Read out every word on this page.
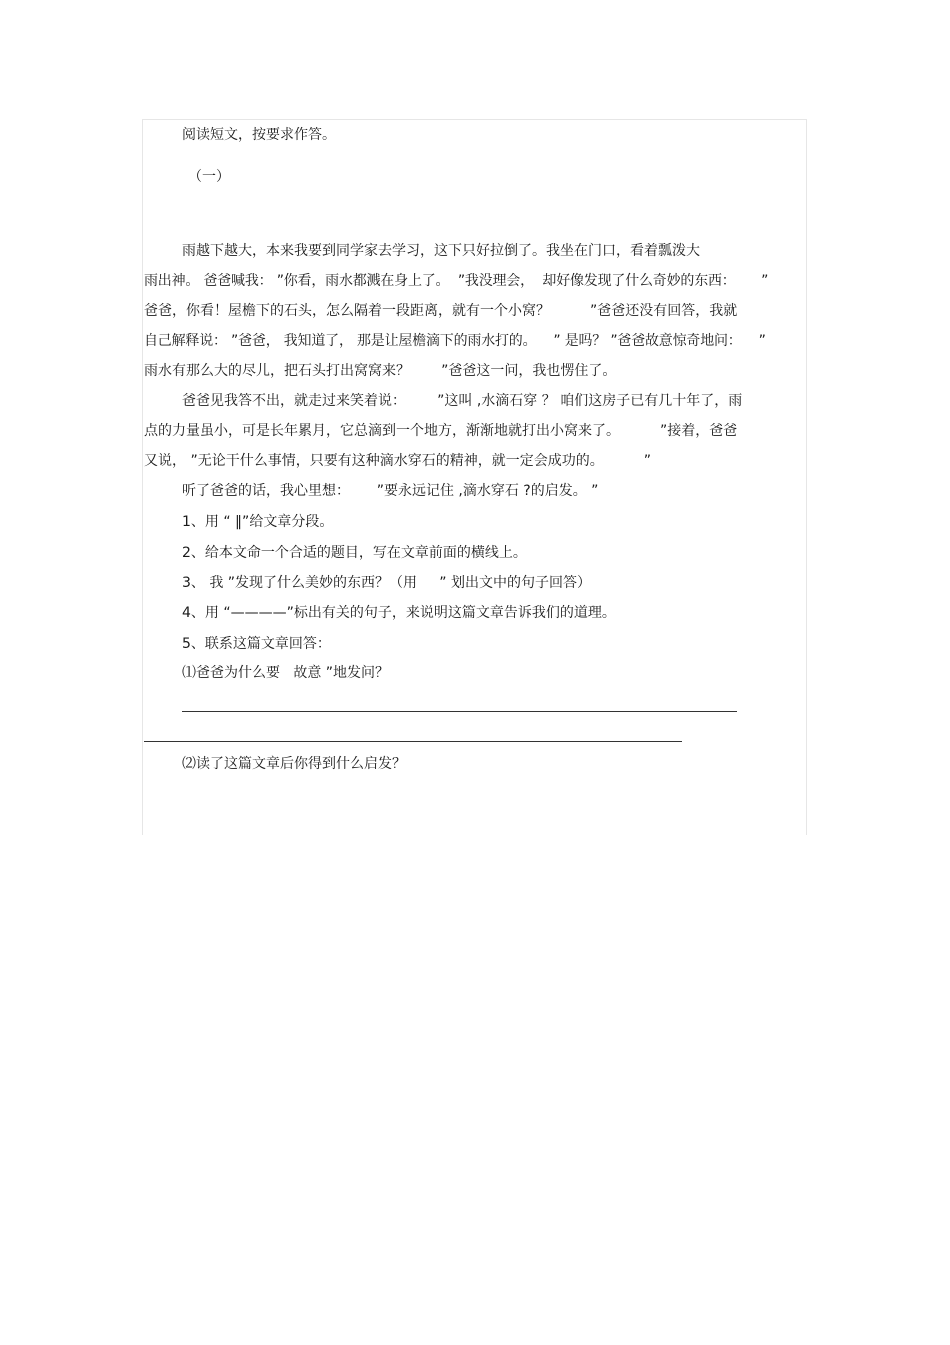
阅读短文，按要求作答。
（一）
雨越下越大，本来我要到同学家去学习，这下只好拉倒了。我坐在门口，看着瓢泼大
雨出神。 爸爸喊我： ”你看，雨水都溅在身上了。  ”我没理会，  却好像发现了什么奇妙的东西：      ”
爸爸，你看！屋檐下的石头，怎么隔着一段距离，就有一个小窝？         ”爸爸还没有回答，我就
自己解释说： ”爸爸， 我知道了， 那是让屋檐滴下的雨水打的。    ” 是吗？ ”爸爸故意惊奇地问：    ”
雨水有那么大的尽儿，把石头打出窝窝来？       ”爸爸这一问，我也愣住了。
爸爸见我答不出，就走过来笑着说：       ”这叫 ,水滴石穿 ？ 咱们这房子已有几十年了，雨
点的力量虽小，可是长年累月，它总滴到一个地方，渐渐地就打出小窝来了。         ”接着，爸爸
又说， ”无论干什么事情，只要有这种滴水穿石的精神，就一定会成功的。         ”
听了爸爸的话，我心里想：      ”要永远记住 ,滴水穿石 ?的启发。 ”
1、用 “ ‖”给文章分段。
2、给本文命一个合适的题目，写在文章前面的横线上。
3、 我 ”发现了什么美妙的东西？（用     ” 划出文中的句子回答）
4、用 “————”标出有关的句子，来说明这篇文章告诉我们的道理。
5、联系这篇文章回答：
⑴爸爸为什么要   故意 ”地发问？
⑵读了这篇文章后你得到什么启发？
